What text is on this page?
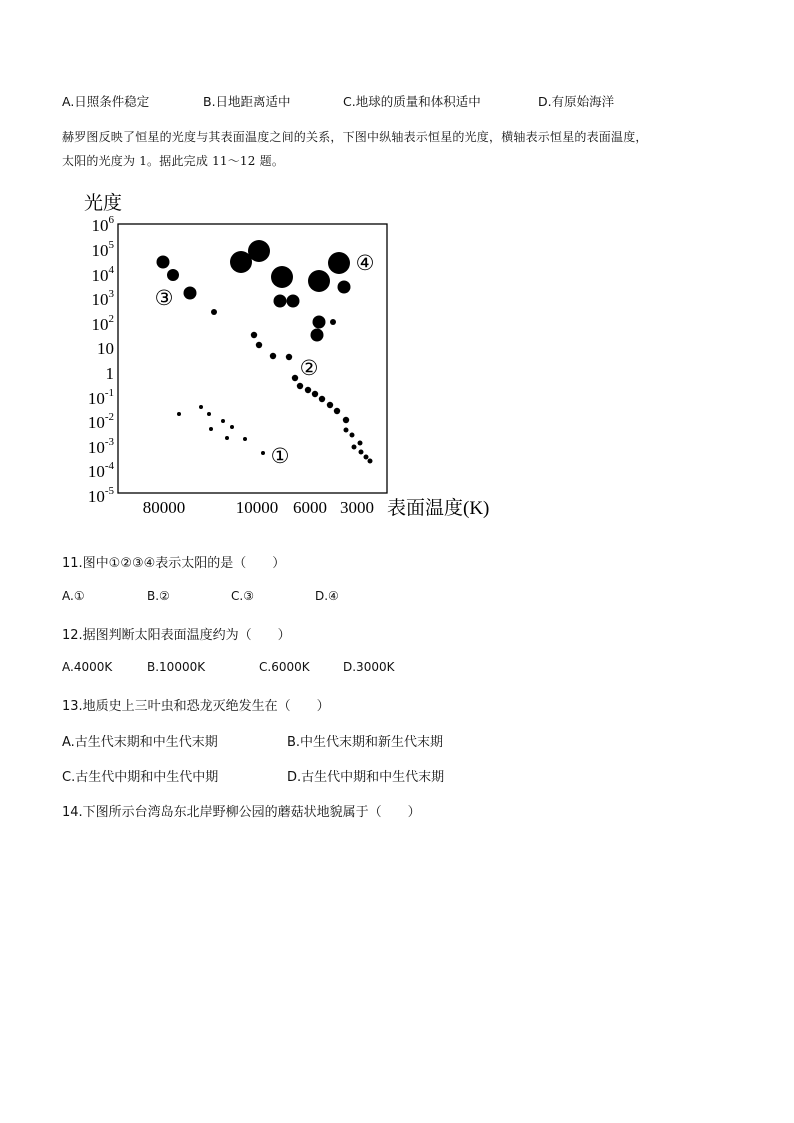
A.日照条件稳定	B.日地距离适中	C.地球的质量和体积适中	D.有原始海洋
赫罗图反映了恒星的光度与其表面温度之间的关系，下图中纵轴表示恒星的光度，横轴表示恒星的表面温度，
太阳的光度为 1。据此完成 11～12 题。
光度
表面温度(K)
$10^6$
$10^5$
$10^4$
$10^3$
$10^2$
10
1
$10^{-1}$
$10^{-2}$
$10^{-3}$
$10^{-4}$
$10^{-5}$
80000	10000 6000 3000
③
④
②
①
11.图中①②③④表示太阳的是（　　）
A.①	B.②	C.③	D.④
12.据图判断太阳表面温度约为（　　）
A.4000K	B.10000K	C.6000K	D.3000K
13.地质史上三叶虫和恐龙灭绝发生在（　　）
A.古生代末期和中生代末期	B.中生代末期和新生代末期
C.古生代中期和中生代中期	D.古生代中期和中生代末期
14.下图所示台湾岛东北岸野柳公园的蘑菇状地貌属于（　　）
